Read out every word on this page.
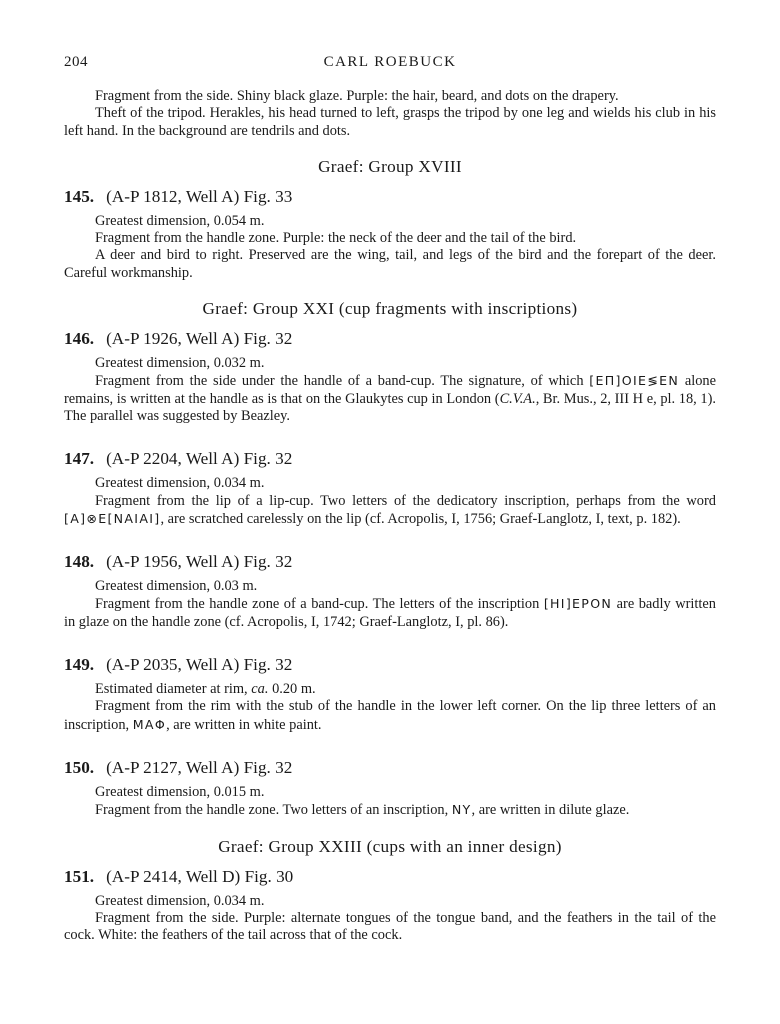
204	CARL ROEBUCK

Fragment from the side. Shiny black glaze. Purple: the hair, beard, and dots on the drapery.

Theft of the tripod. Herakles, his head turned to left, grasps the tripod by one leg and wields his club in his left hand. In the background are tendrils and dots.

Graef: Group XVIII
145. (A-P 1812, Well A) Fig. 33

Greatest dimension, 0.054 m.

Fragment from the handle zone. Purple: the neck of the deer and the tail of the bird.

A deer and bird to right. Preserved are the wing, tail, and legs of the bird and the forepart of the deer. Careful workmanship.

Graef: Group XXI (cup fragments with inscriptions)
146. (A-P 1926, Well A) Fig. 32

Greatest dimension, 0.032 m.

Fragment from the side under the handle of a band-cup. The signature, of which [EΠ]OIE≶EN alone remains, is written at the handle as is that on the Glaukytes cup in London (C.V.A., Br. Mus., 2, III H e, pl. 18, 1). The parallel was suggested by Beazley.

147. (A-P 2204, Well A) Fig. 32

Greatest dimension, 0.034 m.

Fragment from the lip of a lip-cup. Two letters of the dedicatory inscription, perhaps from the word [A]⊗E[NAIAI], are scratched carelessly on the lip (cf. Acropolis, I, 1756; Graef-Langlotz, I, text, p. 182).

148. (A-P 1956, Well A) Fig. 32

Greatest dimension, 0.03 m.

Fragment from the handle zone of a band-cup. The letters of the inscription [HI]EPON are badly written in glaze on the handle zone (cf. Acropolis, I, 1742; Graef-Langlotz, I, pl. 86).

149. (A-P 2035, Well A) Fig. 32

Estimated diameter at rim, ca. 0.20 m.

Fragment from the rim with the stub of the handle in the lower left corner. On the lip three letters of an inscription, MAΦ, are written in white paint.

150. (A-P 2127, Well A) Fig. 32

Greatest dimension, 0.015 m.

Fragment from the handle zone. Two letters of an inscription, NY, are written in dilute glaze.

Graef: Group XXIII (cups with an inner design)
151. (A-P 2414, Well D) Fig. 30

Greatest dimension, 0.034 m.

Fragment from the side. Purple: alternate tongues of the tongue band, and the feathers in the tail of the cock. White: the feathers of the tail across that of the cock.
